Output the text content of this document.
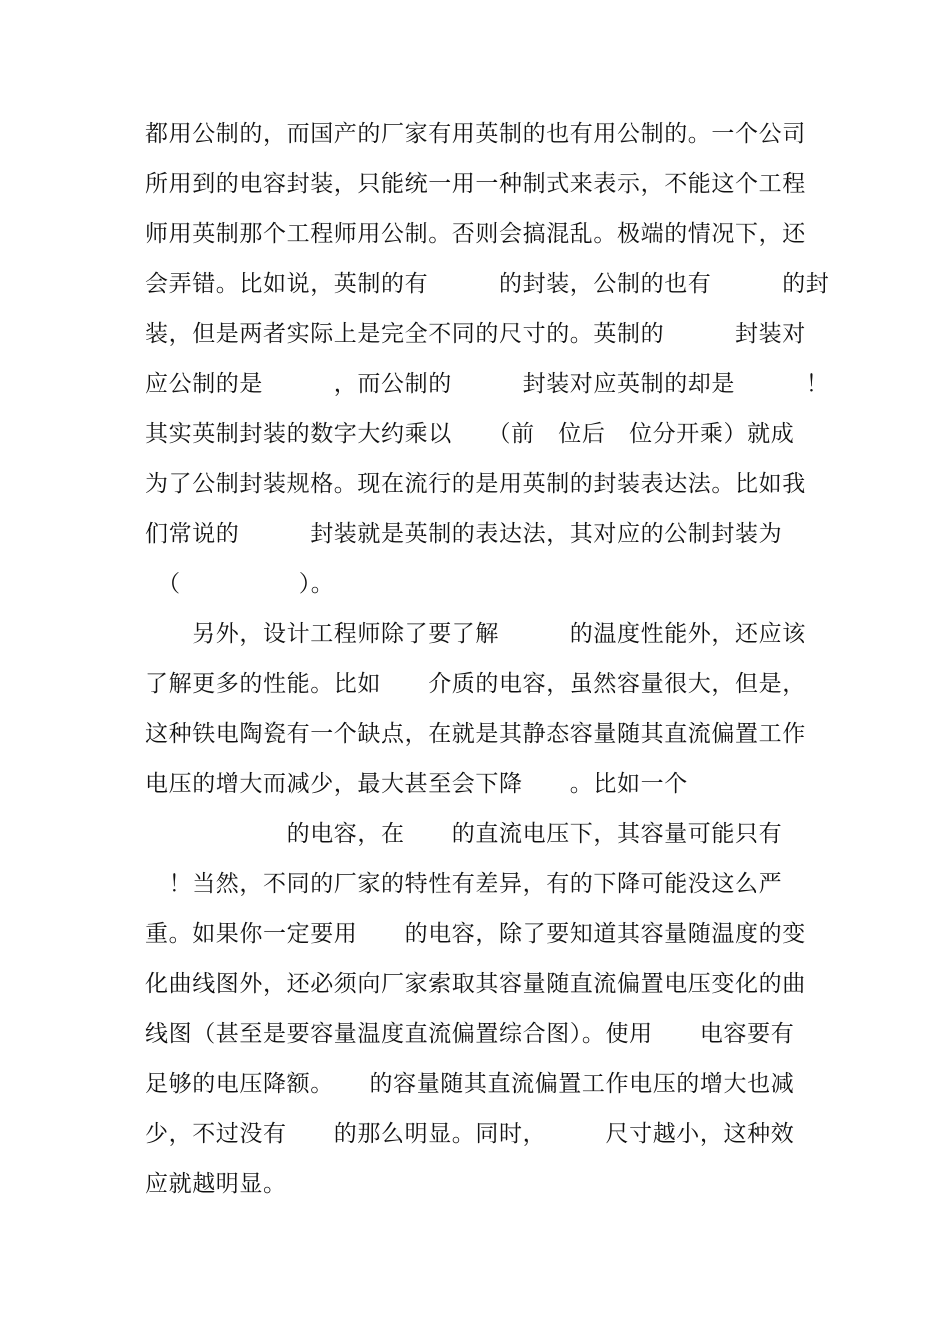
都用公制的，而国产的厂家有用英制的也有用公制的。一个公司
所用到的电容封装，只能统一用一种制式来表示，不能这个工程
师用英制那个工程师用公制。否则会搞混乱。极端的情况下，还
会弄错。比如说，英制的有　　　的封装，公制的也有　　　的封
装，但是两者实际上是完全不同的尺寸的。英制的　　　封装对
应公制的是　　　，而公制的　　　封装对应英制的却是　　　！
其实英制封装的数字大约乘以　　（前　位后　位分开乘）就成
为了公制封装规格。现在流行的是用英制的封装表达法。比如我
们常说的　　　封装就是英制的表达法，其对应的公制封装为
　（　　　　　）。
　　另外，设计工程师除了要了解　　　的温度性能外，还应该
了解更多的性能。比如　　介质的电容，虽然容量很大，但是，
这种铁电陶瓷有一个缺点，在就是其静态容量随其直流偏置工作
电压的增大而减少，最大甚至会下降　　。比如一个
　　　　　　的电容，在　　的直流电压下，其容量可能只有
　！当然，不同的厂家的特性有差异，有的下降可能没这么严
重。如果你一定要用　　的电容，除了要知道其容量随温度的变
化曲线图外，还必须向厂家索取其容量随直流偏置电压变化的曲
线图（甚至是要容量温度直流偏置综合图）。使用　　电容要有
足够的电压降额。　　的容量随其直流偏置工作电压的增大也减
少，不过没有　　的那么明显。同时，　　　尺寸越小，这种效
应就越明显。
